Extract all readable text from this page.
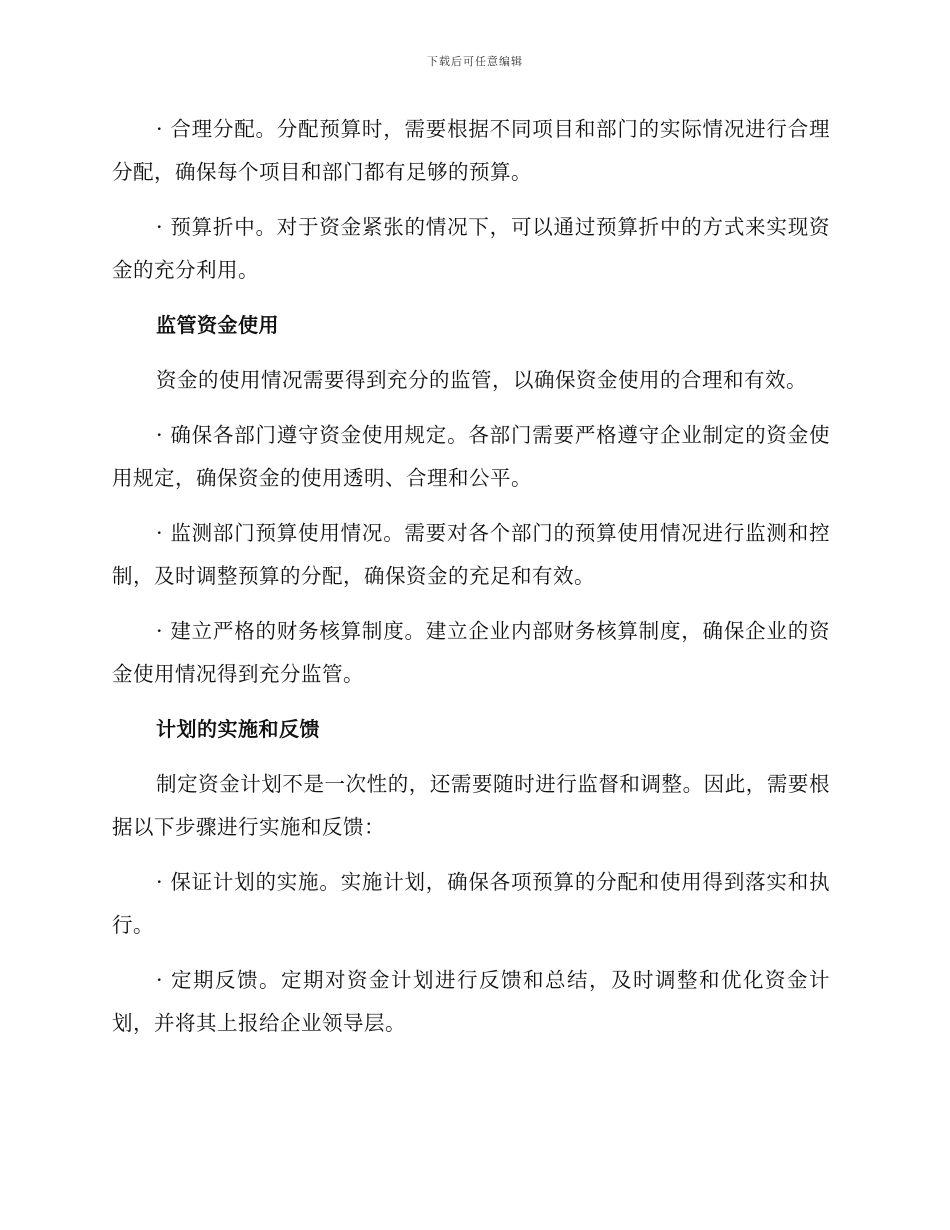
下载后可任意编辑

· 合理分配。分配预算时，需要根据不同项目和部门的实际情况进行合理分配，确保每个项目和部门都有足够的预算。

· 预算折中。对于资金紧张的情况下，可以通过预算折中的方式来实现资金的充分利用。

监管资金使用

资金的使用情况需要得到充分的监管，以确保资金使用的合理和有效。

· 确保各部门遵守资金使用规定。各部门需要严格遵守企业制定的资金使用规定，确保资金的使用透明、合理和公平。

· 监测部门预算使用情况。需要对各个部门的预算使用情况进行监测和控制，及时调整预算的分配，确保资金的充足和有效。

· 建立严格的财务核算制度。建立企业内部财务核算制度，确保企业的资金使用情况得到充分监管。

计划的实施和反馈

制定资金计划不是一次性的，还需要随时进行监督和调整。因此，需要根据以下步骤进行实施和反馈：

· 保证计划的实施。实施计划，确保各项预算的分配和使用得到落实和执行。

· 定期反馈。定期对资金计划进行反馈和总结，及时调整和优化资金计划，并将其上报给企业领导层。
